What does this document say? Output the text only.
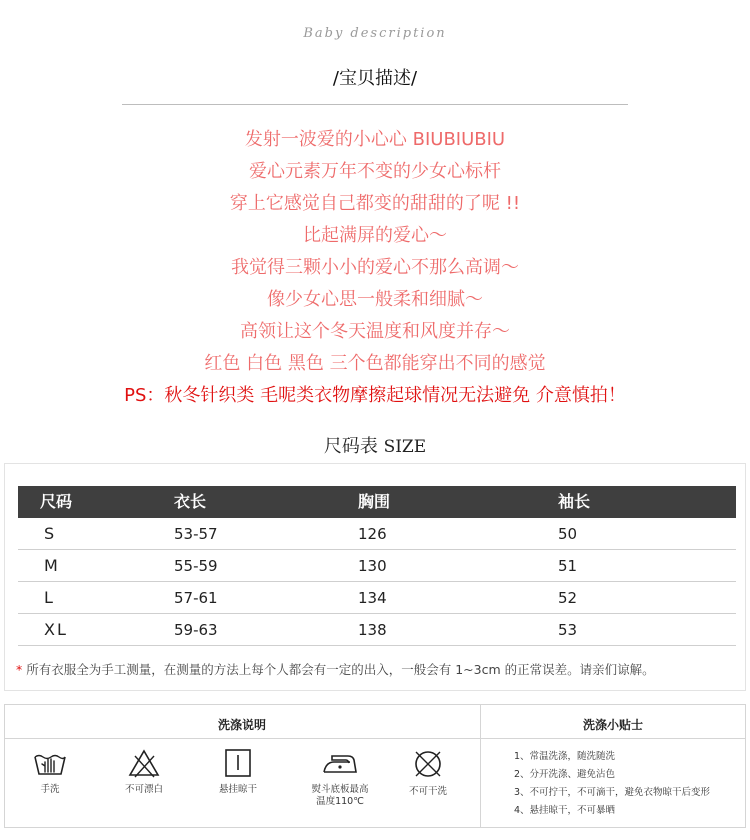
Baby description
/宝贝描述/
发射一波爱的小心心 BIUBIUBIU
爱心元素万年不变的少女心标杆
穿上它感觉自己都变的甜甜的了呢 !!
比起满屏的爱心～
我觉得三颗小小的爱心不那么高调～
像少女心思一般柔和细腻～
高领让这个冬天温度和风度并存～
红色 白色 黑色 三个色都能穿出不同的感觉
PS：秋冬针织类 毛呢类衣物摩擦起球情况无法避免 介意慎拍！
尺码表 SIZE
尺码	衣长	胸围	袖长
S	53-57	126	50
M	55-59	130	51
L	57-61	134	52
XL	59-63	138	53
* 所有衣服全为手工测量，在测量的方法上每个人都会有一定的出入，一般会有 1~3cm 的正常误差。请亲们谅解。
洗涤说明	洗涤小贴士
手洗	不可漂白	悬挂晾干	熨斗底板最高
温度110℃
不可干洗
1、常温洗涤，随洗随洗
2、分开洗涤、避免沾色
3、不可拧干，不可滴干，避免衣物晾干后变形
4、悬挂晾干，不可暴晒
